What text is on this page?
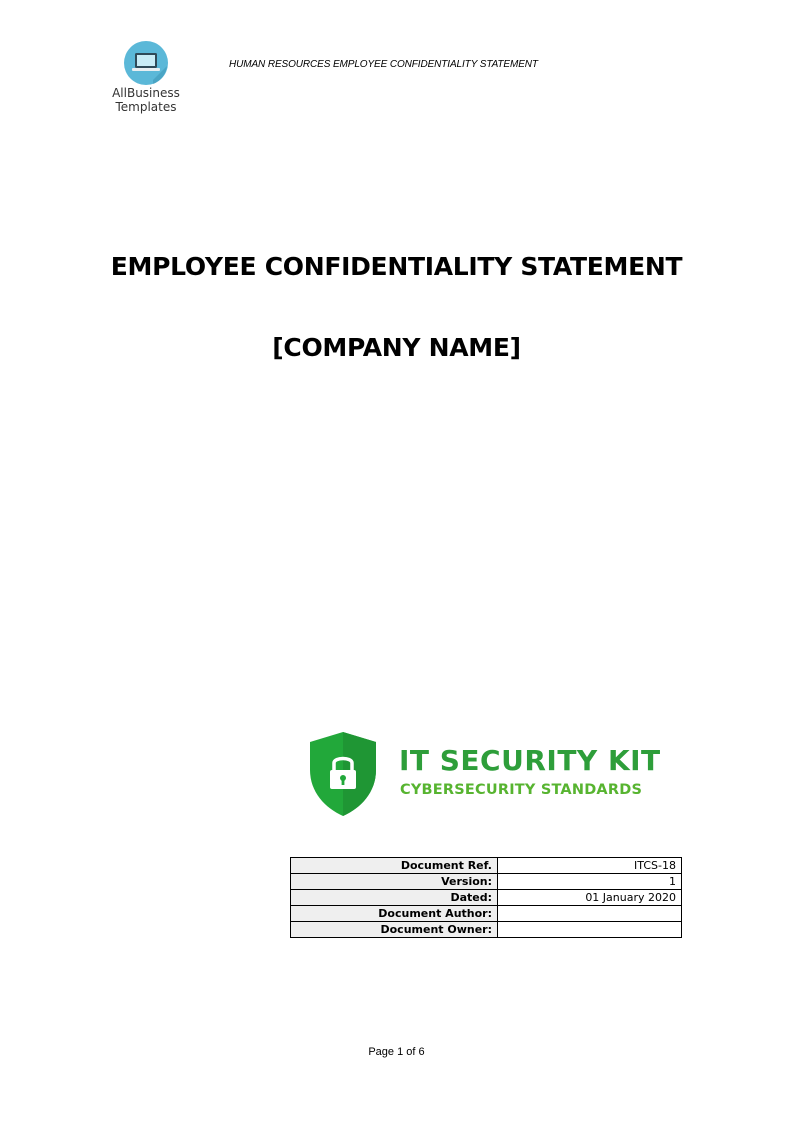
AllBusiness
Templates
HUMAN RESOURCES EMPLOYEE CONFIDENTIALITY STATEMENT
EMPLOYEE CONFIDENTIALITY STATEMENT
[COMPANY NAME]
IT SECURITY KIT
CYBERSECURITY STANDARDS
Document Ref.	ITCS-18
Version:	1
Dated:	01 January 2020
Document Author:	
Document Owner:	
Page 1 of 6
